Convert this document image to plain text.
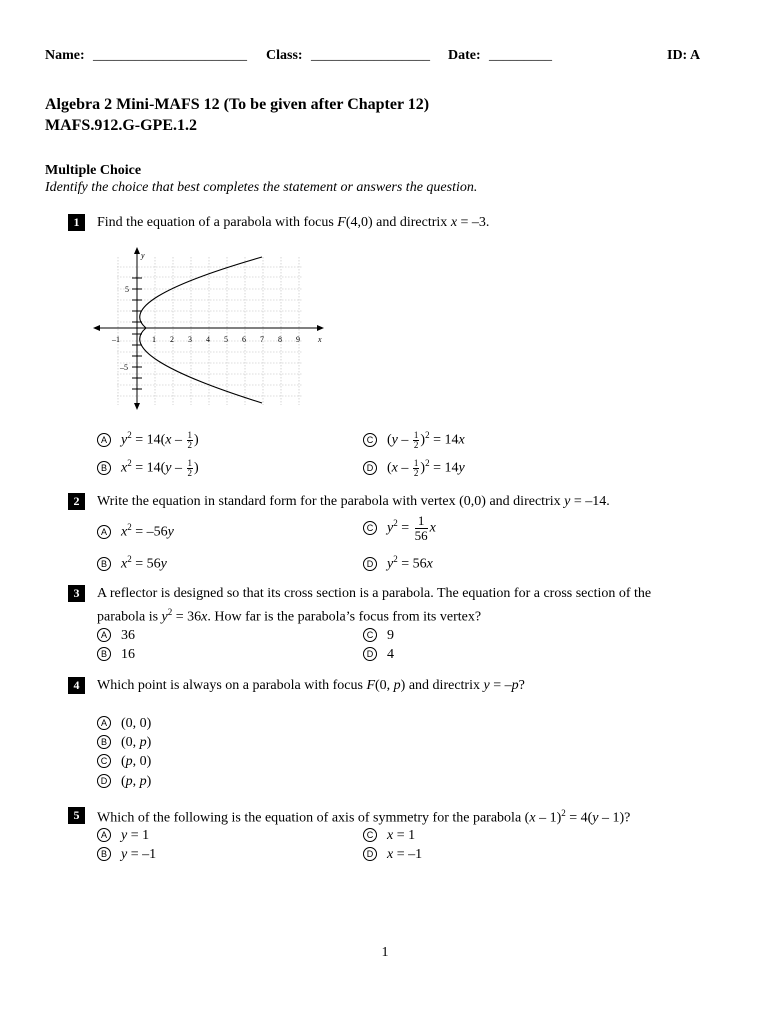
Name: ______________________ Class: _________________ Date: _________	ID: A
Algebra 2 Mini-MAFS 12 (To be given after Chapter 12)
MAFS.912.G-GPE.1.2
Multiple Choice
Identify the choice that best completes the statement or answers the question.
1	Find the equation of a parabola with focus F(4,0) and directrix x = –3.
–1	1 2 3 4 5 6 7 8 9 x
y
5
–5
A $y^2 = 14(x - \frac{1}{2}$ )
B $x^2 = 14(y - \frac{1}{2}$ )
C $(y - \frac{1}{2} )^2 = 14x$
D $(x - \frac{1}{2} )^2 = 14y$
2	Write the equation in standard form for the parabola with vertex (0,0) and directrix y = –14.
A $x^2 = -56y$
B $x^2 = 56y$
C $y^2 = \frac{1}{56}$ x
D $y^2 = 56x$
3	A reflector is designed so that its cross section is a parabola. The equation for a cross section of the
parabola is $y^2 = 36x$. How far is the parabola’s focus from its vertex?
A 36
B 16
C 9
D 4
4	Which point is always on a parabola with focus F(0, p) and directrix y = –p?
A (0, 0)
B (0, p)
C (p, 0)
D (p, p)
5	Which of the following is the equation of axis of symmetry for the parabola (x – 1)$^2$ = 4(y – 1)?
A y = 1
B y = –1
C x = 1
D x = –1
1
